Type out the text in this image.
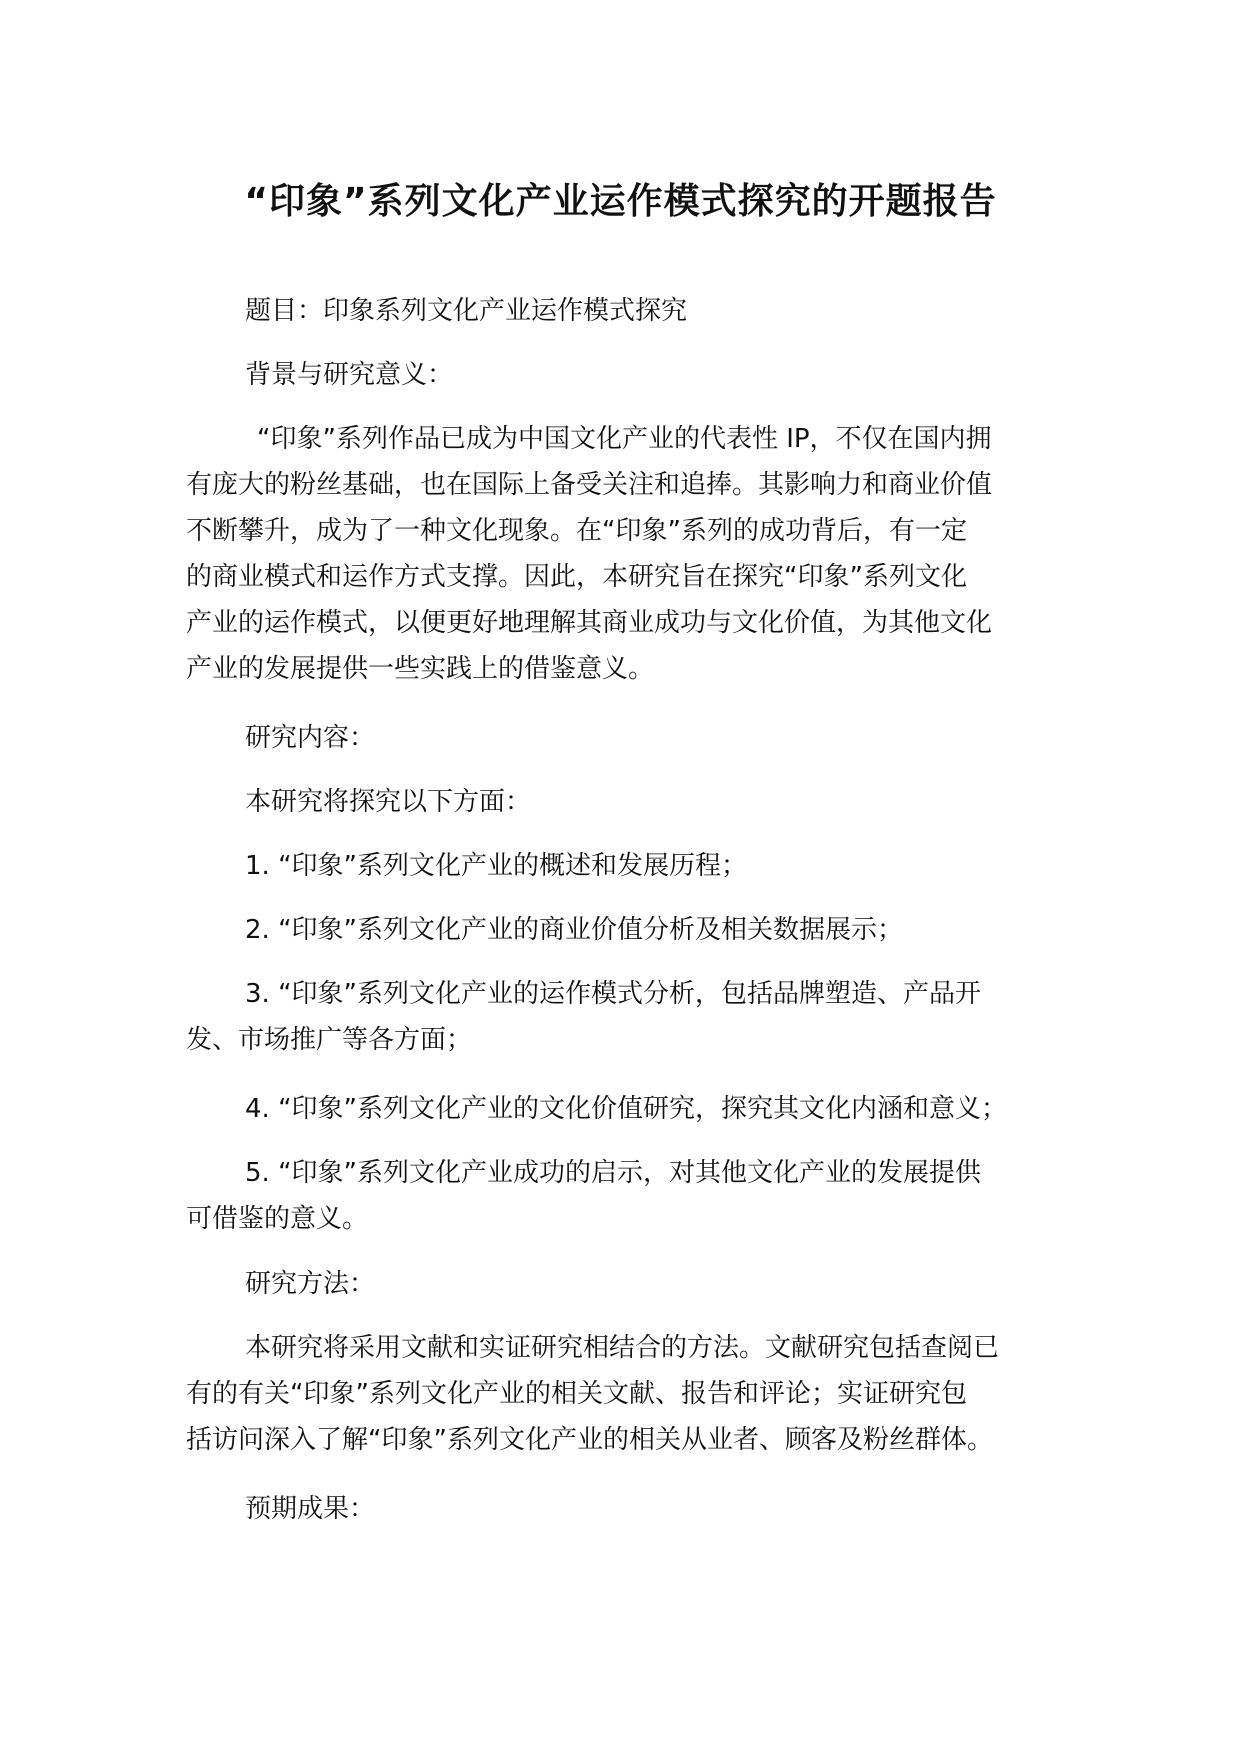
“印象”系列文化产业运作模式探究的开题报告
题目：印象系列文化产业运作模式探究
背景与研究意义：
“印象”系列作品已成为中国文化产业的代表性 IP，不仅在国内拥
有庞大的粉丝基础，也在国际上备受关注和追捧。其影响力和商业价值
不断攀升，成为了一种文化现象。在“印象”系列的成功背后，有一定
的商业模式和运作方式支撑。因此，本研究旨在探究“印象”系列文化
产业的运作模式，以便更好地理解其商业成功与文化价值，为其他文化
产业的发展提供一些实践上的借鉴意义。
研究内容：
本研究将探究以下方面：
1. “印象”系列文化产业的概述和发展历程；
2. “印象”系列文化产业的商业价值分析及相关数据展示；
3. “印象”系列文化产业的运作模式分析，包括品牌塑造、产品开
发、市场推广等各方面；
4. “印象”系列文化产业的文化价值研究，探究其文化内涵和意义；
5. “印象”系列文化产业成功的启示，对其他文化产业的发展提供
可借鉴的意义。
研究方法：
本研究将采用文献和实证研究相结合的方法。文献研究包括查阅已
有的有关“印象”系列文化产业的相关文献、报告和评论；实证研究包
括访问深入了解“印象”系列文化产业的相关从业者、顾客及粉丝群体。
预期成果：
